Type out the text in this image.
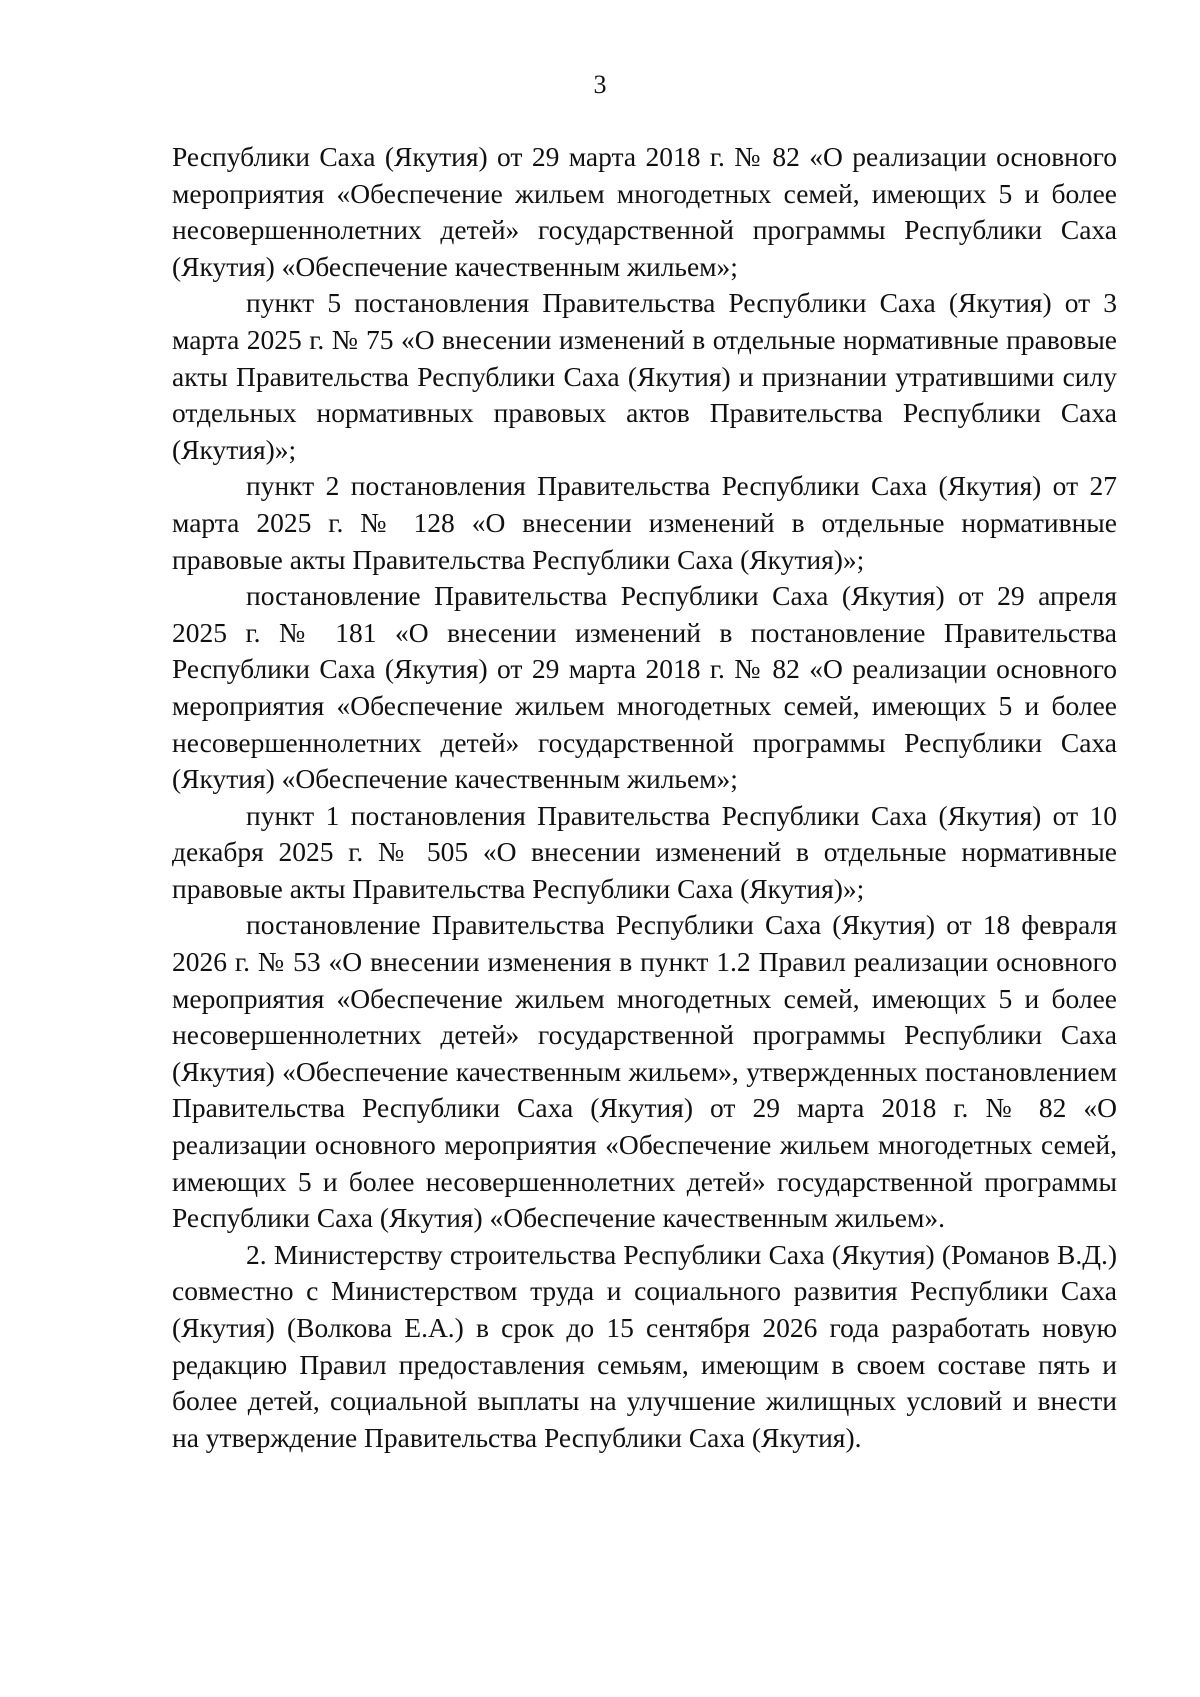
3

Республики Саха (Якутия) от 29 марта 2018 г. № 82 «О реализации основного мероприятия «Обеспечение жильем многодетных семей, имеющих 5 и более несовершеннолетних детей» государственной программы Республики Саха (Якутия) «Обеспечение качественным жильем»;

пункт 5 постановления Правительства Республики Саха (Якутия) от 3 марта 2025 г. № 75 «О внесении изменений в отдельные нормативные правовые акты Правительства Республики Саха (Якутия) и признании утратившими силу отдельных нормативных правовых актов Правительства Республики Саха (Якутия)»;

пункт 2 постановления Правительства Республики Саха (Якутия) от 27 марта 2025 г. № 128 «О внесении изменений в отдельные нормативные правовые акты Правительства Республики Саха (Якутия)»;

постановление Правительства Республики Саха (Якутия) от 29 апреля 2025 г. № 181 «О внесении изменений в постановление Правительства Республики Саха (Якутия) от 29 марта 2018 г. № 82 «О реализации основного мероприятия «Обеспечение жильем многодетных семей, имеющих 5 и более несовершеннолетних детей» государственной программы Республики Саха (Якутия) «Обеспечение качественным жильем»;

пункт 1 постановления Правительства Республики Саха (Якутия) от 10 декабря 2025 г. № 505 «О внесении изменений в отдельные нормативные правовые акты Правительства Республики Саха (Якутия)»;

постановление Правительства Республики Саха (Якутия) от 18 февраля 2026 г. № 53 «О внесении изменения в пункт 1.2 Правил реализации основного мероприятия «Обеспечение жильем многодетных семей, имеющих 5 и более несовершеннолетних детей» государственной программы Республики Саха (Якутия) «Обеспечение качественным жильем», утвержденных постановлением Правительства Республики Саха (Якутия) от 29 марта 2018 г. № 82 «О реализации основного мероприятия «Обеспечение жильем многодетных семей, имеющих 5 и более несовершеннолетних детей» государственной программы Республики Саха (Якутия) «Обеспечение качественным жильем».

2. Министерству строительства Республики Саха (Якутия) (Романов В.Д.) совместно с Министерством труда и социального развития Республики Саха (Якутия) (Волкова Е.А.) в срок до 15 сентября 2026 года разработать новую редакцию Правил предоставления семьям, имеющим в своем составе пять и более детей, социальной выплаты на улучшение жилищных условий и внести на утверждение Правительства Республики Саха (Якутия).
